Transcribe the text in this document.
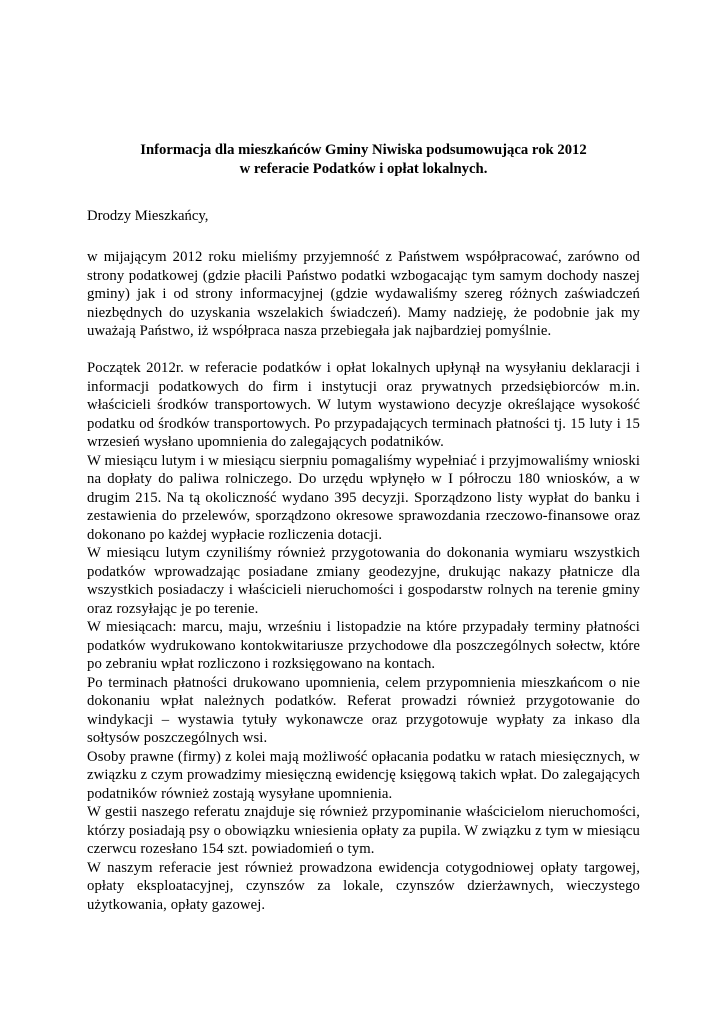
Informacja dla mieszkańców Gminy Niwiska podsumowująca rok 2012
w referacie Podatków i opłat lokalnych.
Drodzy Mieszkańcy,

w mijającym 2012 roku mieliśmy przyjemność z Państwem współpracować, zarówno od strony podatkowej (gdzie płacili Państwo podatki wzbogacając tym samym dochody naszej gminy) jak i od strony informacyjnej (gdzie wydawaliśmy szereg różnych zaświadczeń niezbędnych do uzyskania wszelakich świadczeń). Mamy nadzieję, że podobnie jak my uważają Państwo, iż współpraca nasza przebiegała jak najbardziej pomyślnie.

Początek 2012r. w referacie podatków i opłat lokalnych upłynął na wysyłaniu deklaracji i informacji podatkowych do firm i instytucji oraz prywatnych przedsiębiorców m.in. właścicieli środków transportowych. W lutym wystawiono decyzje określające wysokość podatku od środków transportowych. Po przypadających terminach płatności tj. 15 luty i 15 wrzesień wysłano upomnienia do zalegających podatników.

W miesiącu lutym i w miesiącu sierpniu pomagaliśmy wypełniać i przyjmowaliśmy wnioski na dopłaty do paliwa rolniczego. Do urzędu wpłynęło w I półroczu 180 wniosków, a w drugim 215. Na tą okoliczność wydano 395 decyzji. Sporządzono listy wypłat do banku i zestawienia do przelewów, sporządzono okresowe sprawozdania rzeczowo-finansowe oraz dokonano po każdej wypłacie rozliczenia dotacji.

W miesiącu lutym czyniliśmy również przygotowania do dokonania wymiaru wszystkich podatków wprowadzając posiadane zmiany geodezyjne, drukując nakazy płatnicze dla wszystkich posiadaczy i właścicieli nieruchomości i gospodarstw rolnych na terenie gminy oraz rozsyłając je po terenie.

W miesiącach: marcu, maju, wrześniu i listopadzie na które przypadały terminy płatności podatków wydrukowano kontokwitariusze przychodowe dla poszczególnych sołectw, które po zebraniu wpłat rozliczono i rozksięgowano na kontach.

Po terminach płatności drukowano upomnienia, celem przypomnienia mieszkańcom o nie dokonaniu wpłat należnych podatków. Referat prowadzi również przygotowanie do windykacji – wystawia tytuły wykonawcze oraz przygotowuje wypłaty za inkaso dla sołtysów poszczególnych wsi.

Osoby prawne (firmy) z kolei mają możliwość opłacania podatku w ratach miesięcznych, w związku z czym prowadzimy miesięczną ewidencję księgową takich wpłat. Do zalegających podatników również zostają wysyłane upomnienia.

W gestii naszego referatu znajduje się również przypominanie właścicielom nieruchomości, którzy posiadają psy o obowiązku wniesienia opłaty za pupila. W związku z tym w miesiącu czerwcu rozesłano 154 szt. powiadomień o tym.

W naszym referacie jest również prowadzona ewidencja cotygodniowej opłaty targowej, opłaty eksploatacyjnej, czynszów za lokale, czynszów dzierżawnych, wieczystego użytkowania, opłaty gazowej.
